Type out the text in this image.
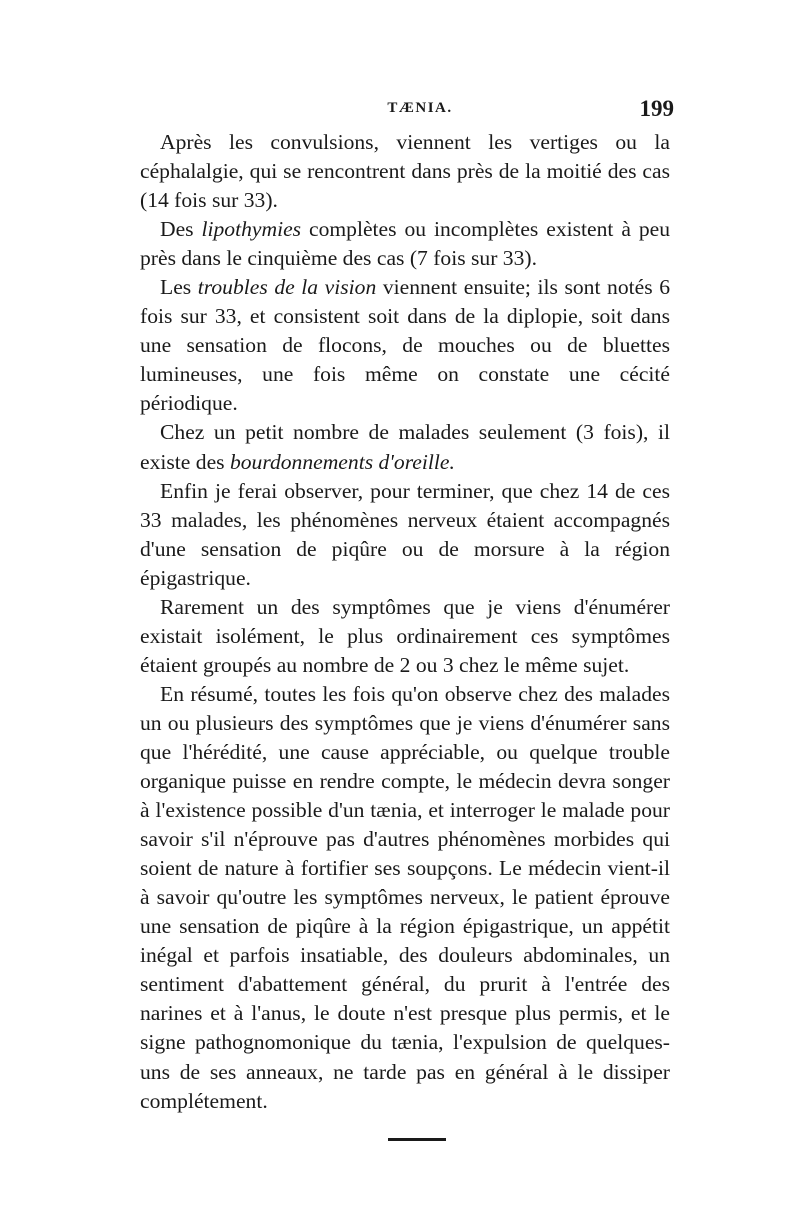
TÆNIA.	199

Après les convulsions, viennent les vertiges ou la céphalalgie, qui se rencontrent dans près de la moitié des cas (14 fois sur 33).

Des lipothymies complètes ou incomplètes existent à peu près dans le cinquième des cas (7 fois sur 33).

Les troubles de la vision viennent ensuite; ils sont notés 6 fois sur 33, et consistent soit dans de la diplopie, soit dans une sensation de flocons, de mouches ou de bluettes lumineuses, une fois même on constate une cécité périodique.

Chez un petit nombre de malades seulement (3 fois), il existe des bourdonnements d'oreille.

Enfin je ferai observer, pour terminer, que chez 14 de ces 33 malades, les phénomènes nerveux étaient accompagnés d'une sensation de piqûre ou de morsure à la région épigastrique.

Rarement un des symptômes que je viens d'énumérer existait isolément, le plus ordinairement ces symptômes étaient groupés au nombre de 2 ou 3 chez le même sujet.

En résumé, toutes les fois qu'on observe chez des malades un ou plusieurs des symptômes que je viens d'énumérer sans que l'hérédité, une cause appréciable, ou quelque trouble organique puisse en rendre compte, le médecin devra songer à l'existence possible d'un tænia, et interroger le malade pour savoir s'il n'éprouve pas d'autres phénomènes morbides qui soient de nature à fortifier ses soupçons. Le médecin vient-il à savoir qu'outre les symptômes nerveux, le patient éprouve une sensation de piqûre à la région épigastrique, un appétit inégal et parfois insatiable, des douleurs abdominales, un sentiment d'abattement général, du prurit à l'entrée des narines et à l'anus, le doute n'est presque plus permis, et le signe pathognomonique du tænia, l'expulsion de quelques-uns de ses anneaux, ne tarde pas en général à le dissiper complétement.
